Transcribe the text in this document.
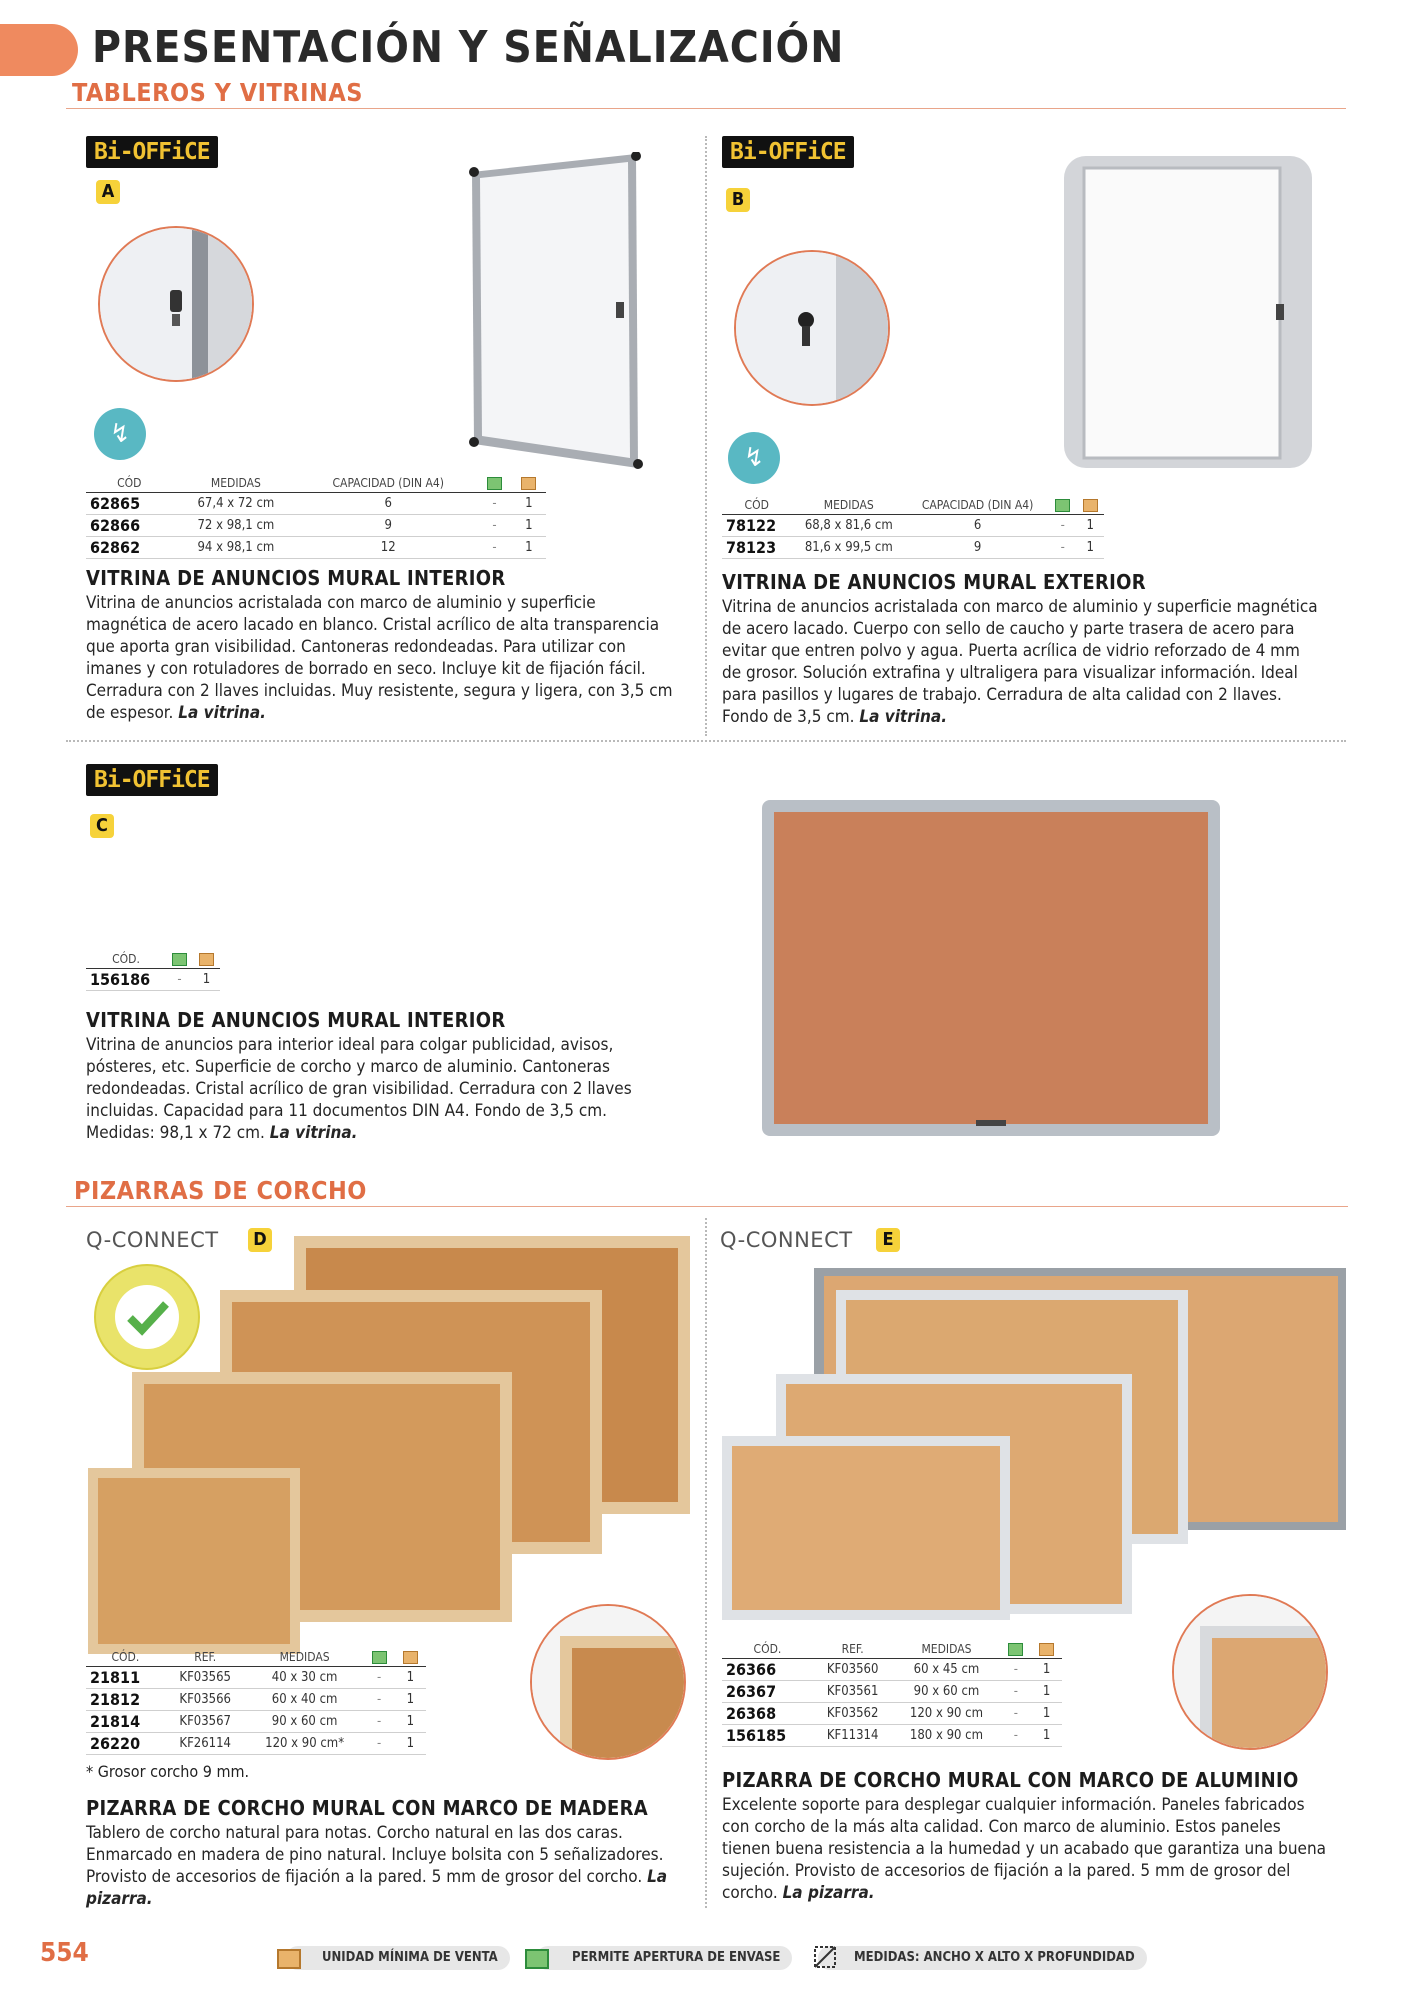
PRESENTACIÓN Y SEÑALIZACIÓN
TABLEROS Y VITRINAS
Bi-OFFiCE
A
↯
CÓD	MEDIDAS	CAPACIDAD (DIN A4)		
62865	67,4 x 72 cm	6	-	1
62866	72 x 98,1 cm	9	-	1
62862	94 x 98,1 cm	12	-	1
VITRINA DE ANUNCIOS MURAL INTERIOR
Vitrina de anuncios acristalada con marco de aluminio y superficie magnética de acero lacado en blanco. Cristal acrílico de alta transparencia que aporta gran visibilidad. Cantoneras redondeadas. Para utilizar con imanes y con rotuladores de borrado en seco. Incluye kit de fijación fácil. Cerradura con 2 llaves incluidas. Muy resistente, segura y ligera, con 3,5 cm de espesor. La vitrina.
Bi-OFFiCE
B
↯
CÓD	MEDIDAS	CAPACIDAD (DIN A4)		
78122	68,8 x 81,6 cm	6	-	1
78123	81,6 x 99,5 cm	9	-	1
VITRINA DE ANUNCIOS MURAL EXTERIOR
Vitrina de anuncios acristalada con marco de aluminio y superficie magnética de acero lacado. Cuerpo con sello de caucho y parte trasera de acero para evitar que entren polvo y agua. Puerta acrílica de vidrio reforzado de 4 mm de grosor. Solución extrafina y ultraligera para visualizar información. Ideal para pasillos y lugares de trabajo. Cerradura de alta calidad con 2 llaves. Fondo de 3,5 cm. La vitrina.
Bi-OFFiCE
C
CÓD.		
156186	-	1
VITRINA DE ANUNCIOS MURAL INTERIOR
Vitrina de anuncios para interior ideal para colgar publicidad, avisos, pósteres, etc. Superficie de corcho y marco de aluminio. Cantoneras redondeadas. Cristal acrílico de gran visibilidad. Cerradura con 2 llaves incluidas. Capacidad para 11 documentos DIN A4. Fondo de 3,5 cm. Medidas: 98,1 x 72 cm. La vitrina.
PIZARRAS DE CORCHO
Q-CONNECT D
CÓD.	REF.	MEDIDAS		
21811	KF03565	40 x 30 cm	-	1
21812	KF03566	60 x 40 cm	-	1
21814	KF03567	90 x 60 cm	-	1
26220	KF26114	120 x 90 cm*	-	1
* Grosor corcho 9 mm.
PIZARRA DE CORCHO MURAL CON MARCO DE MADERA
Tablero de corcho natural para notas. Corcho natural en las dos caras. Enmarcado en madera de pino natural. Incluye bolsita con 5 señalizadores. Provisto de accesorios de fijación a la pared. 5 mm de grosor del corcho. La pizarra.
Q-CONNECT	E
CÓD.	REF.	MEDIDAS		
26366	KF03560	60 x 45 cm	-	1
26367	KF03561	90 x 60 cm	-	1
26368	KF03562	120 x 90 cm	-	1
156185	KF11314	180 x 90 cm	-	1
PIZARRA DE CORCHO MURAL CON MARCO DE ALUMINIO
Excelente soporte para desplegar cualquier información. Paneles fabricados con corcho de la más alta calidad. Con marco de aluminio. Estos paneles tienen buena resistencia a la humedad y un acabado que garantiza una buena sujeción. Provisto de accesorios de fijación a la pared. 5 mm de grosor del corcho. La pizarra.
554	UNIDAD MÍNIMA DE VENTA	PERMITE APERTURA DE ENVASE	MEDIDAS: ANCHO X ALTO X PROFUNDIDAD
